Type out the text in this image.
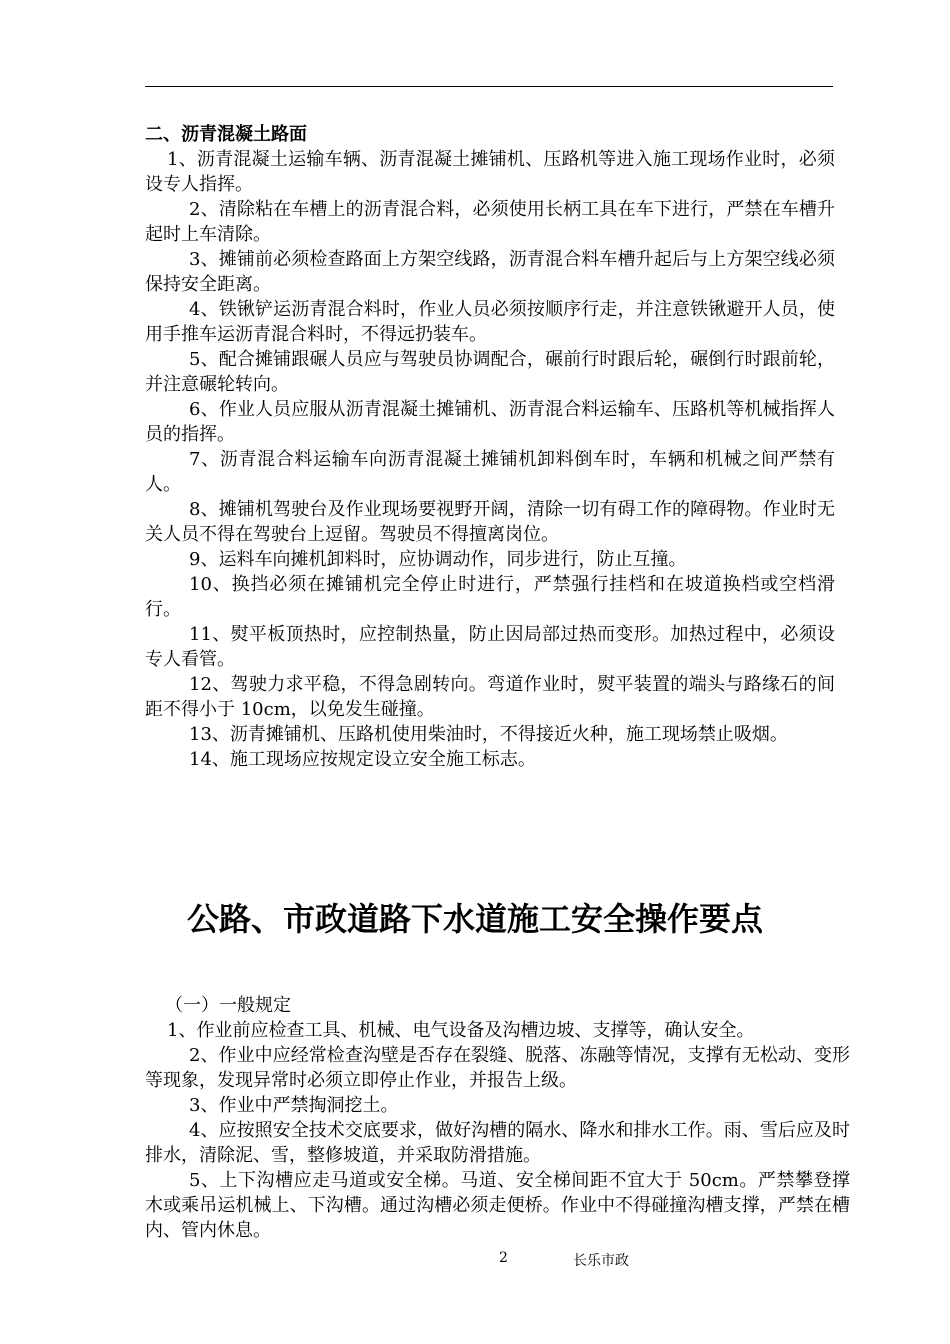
二、沥青混凝土路面

1、沥青混凝土运输车辆、沥青混凝土摊铺机、压路机等进入施工现场作业时，必须设专人指挥。

2、清除粘在车槽上的沥青混合料，必须使用长柄工具在车下进行，严禁在车槽升起时上车清除。

3、摊铺前必须检查路面上方架空线路，沥青混合料车槽升起后与上方架空线必须保持安全距离。

4、铁锹铲运沥青混合料时，作业人员必须按顺序行走，并注意铁锹避开人员，使用手推车运沥青混合料时，不得远扔装车。

5、配合摊铺跟碾人员应与驾驶员协调配合，碾前行时跟后轮，碾倒行时跟前轮，并注意碾轮转向。

6、作业人员应服从沥青混凝土摊铺机、沥青混合料运输车、压路机等机械指挥人员的指挥。

7、沥青混合料运输车向沥青混凝土摊铺机卸料倒车时，车辆和机械之间严禁有人。

8、摊铺机驾驶台及作业现场要视野开阔，清除一切有碍工作的障碍物。作业时无关人员不得在驾驶台上逗留。驾驶员不得擅离岗位。

9、运料车向摊机卸料时，应协调动作，同步进行，防止互撞。

10、换挡必须在摊铺机完全停止时进行，严禁强行挂档和在坡道换档或空档滑行。

11、熨平板顶热时，应控制热量，防止因局部过热而变形。加热过程中，必须设专人看管。

12、驾驶力求平稳，不得急剧转向。弯道作业时，熨平装置的端头与路缘石的间距不得小于 10cm，以免发生碰撞。

13、沥青摊铺机、压路机使用柴油时，不得接近火种，施工现场禁止吸烟。

14、施工现场应按规定设立安全施工标志。

公路、市政道路下水道施工安全操作要点

（一）一般规定

1、作业前应检查工具、机械、电气设备及沟槽边坡、支撑等，确认安全。

2、作业中应经常检查沟壁是否存在裂缝、脱落、冻融等情况，支撑有无松动、变形等现象，发现异常时必须立即停止作业，并报告上级。

3、作业中严禁掏洞挖土。

4、应按照安全技术交底要求，做好沟槽的隔水、降水和排水工作。雨、雪后应及时排水，清除泥、雪，整修坡道，并采取防滑措施。

5、上下沟槽应走马道或安全梯。马道、安全梯间距不宜大于 50cm。严禁攀登撑木或乘吊运机械上、下沟槽。通过沟槽必须走便桥。作业中不得碰撞沟槽支撑，严禁在槽内、管内休息。

2	长乐市政
